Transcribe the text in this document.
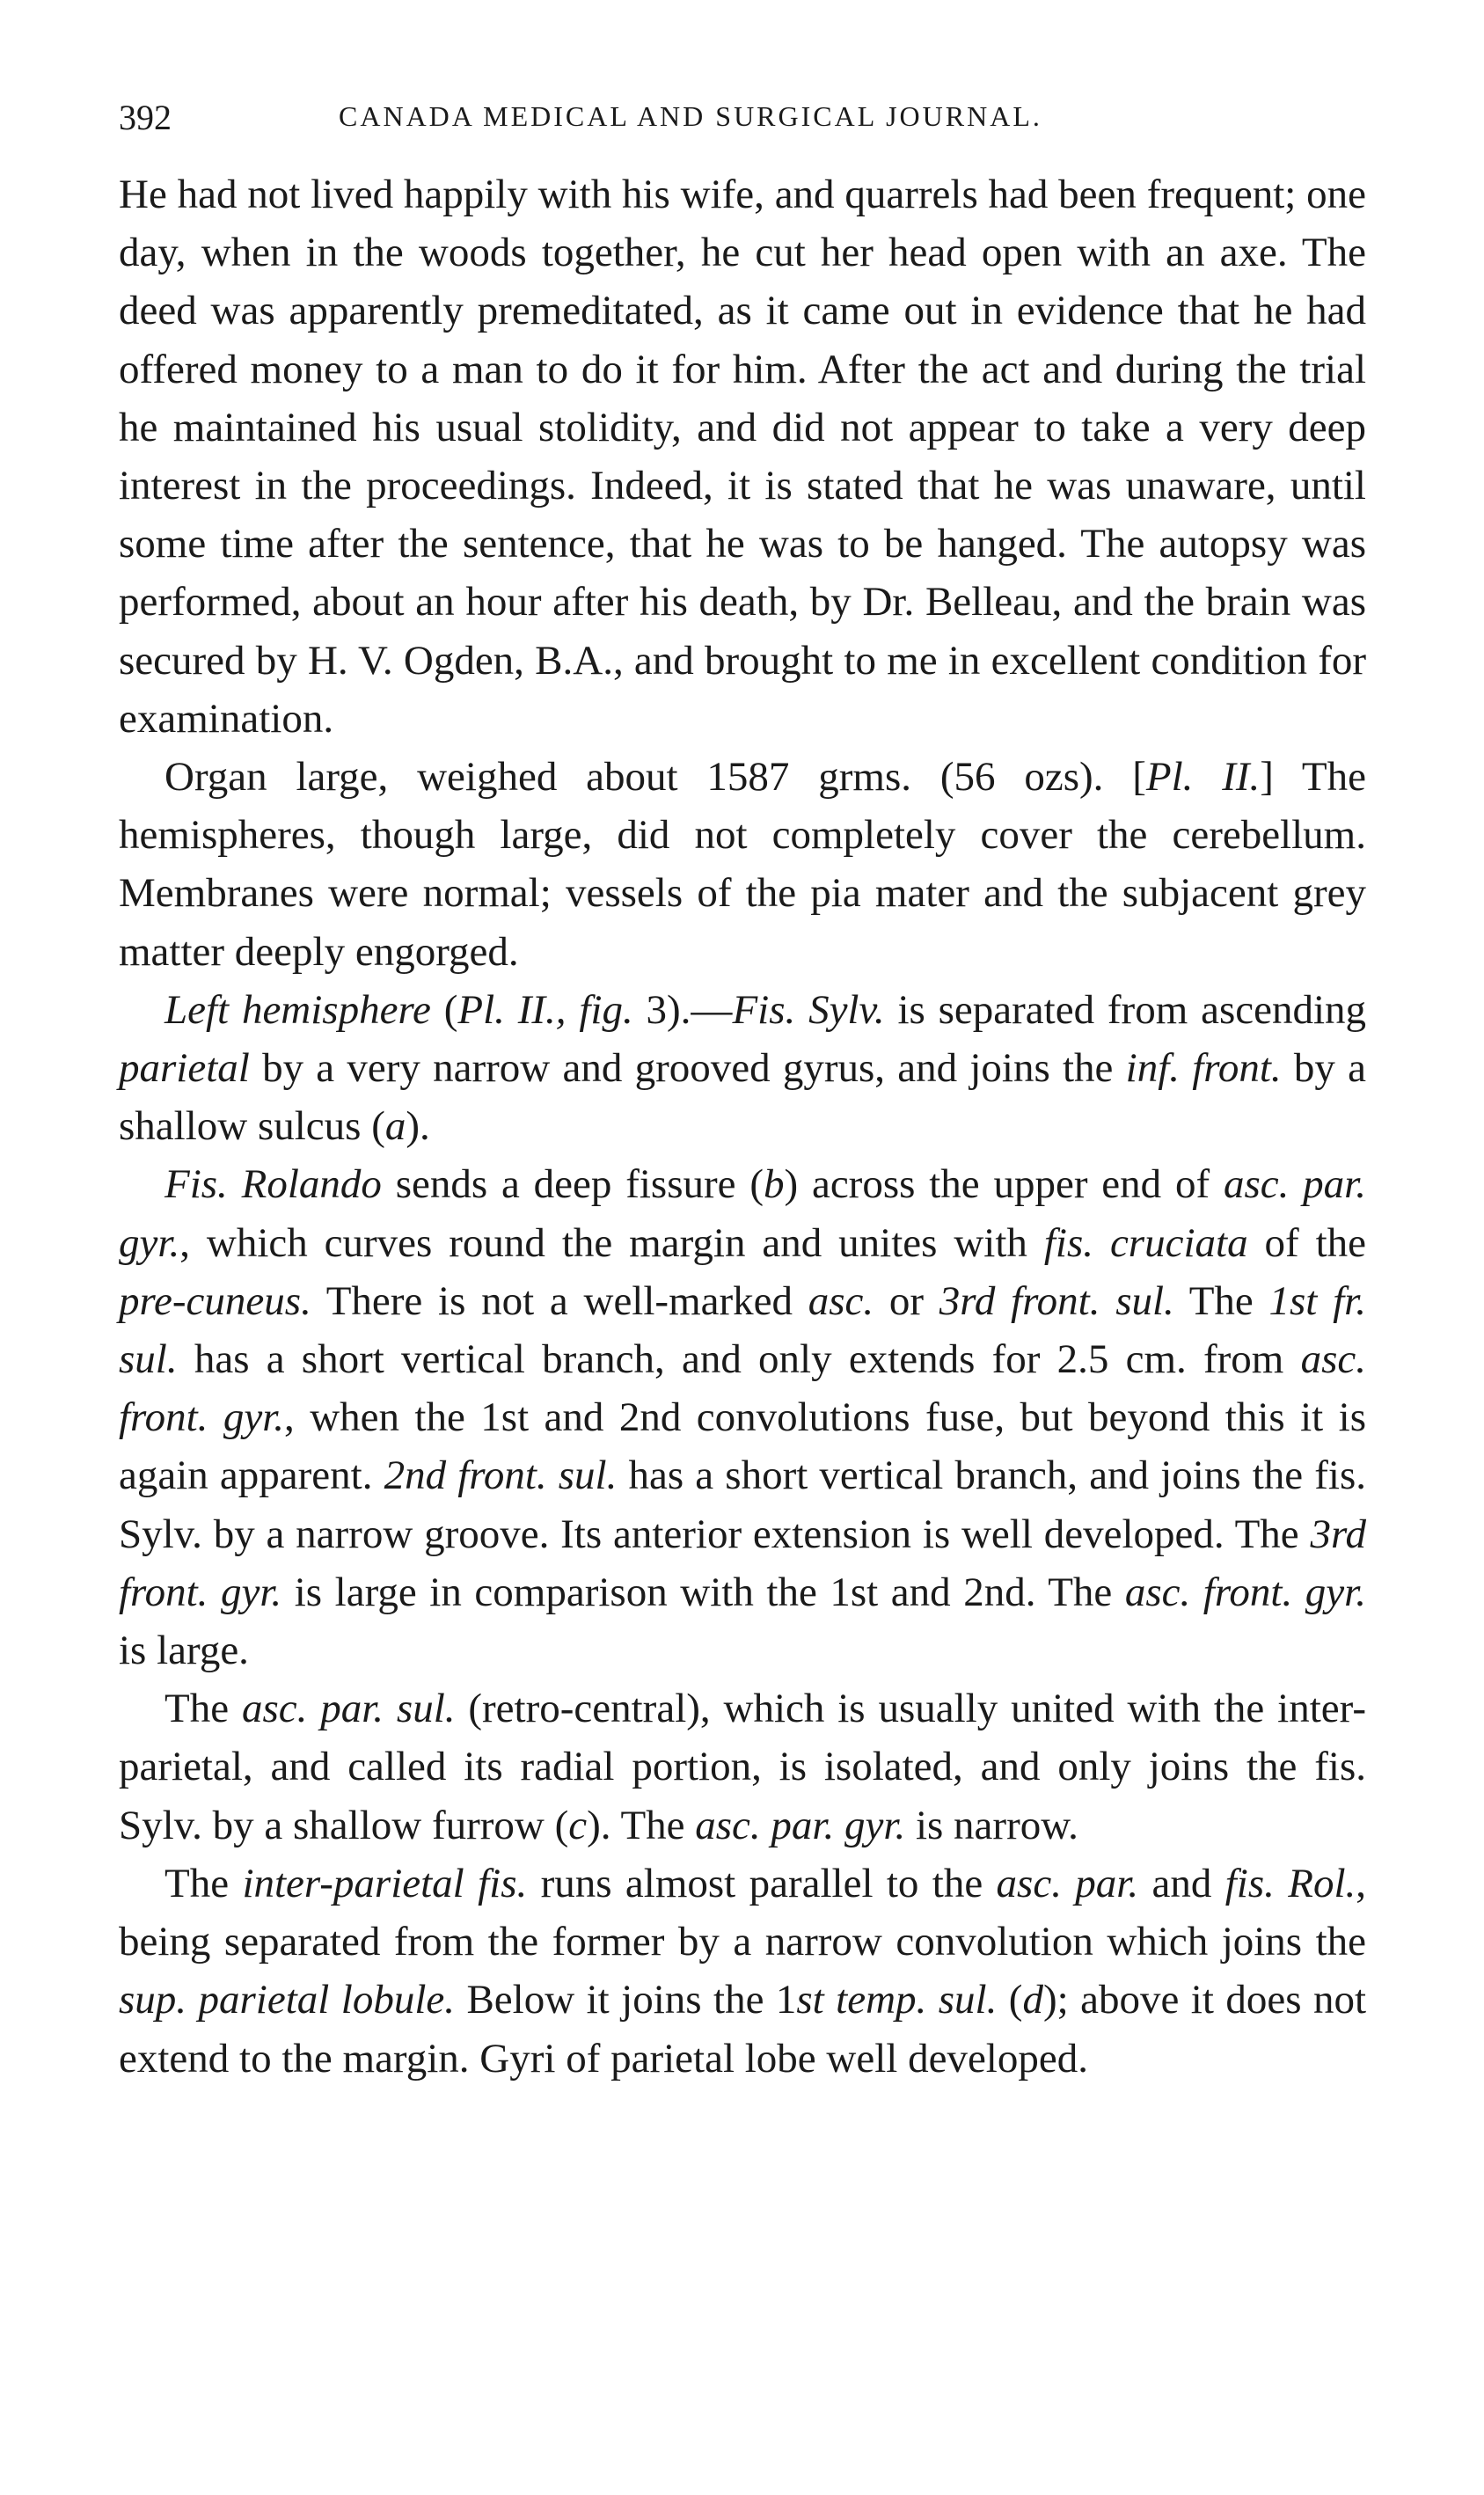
392	CANADA MEDICAL AND SURGICAL JOURNAL.

He had not lived happily with his wife, and quarrels had been frequent; one day, when in the woods together, he cut her head open with an axe. The deed was apparently premeditated, as it came out in evidence that he had offered money to a man to do it for him. After the act and during the trial he maintained his usual stolidity, and did not appear to take a very deep interest in the proceedings. Indeed, it is stated that he was unaware, until some time after the sentence, that he was to be hanged. The autopsy was performed, about an hour after his death, by Dr. Belleau, and the brain was secured by H. V. Ogden, B.A., and brought to me in excellent condition for examination.

Organ large, weighed about 1587 grms. (56 ozs). [Pl. II.] The hemispheres, though large, did not completely cover the cerebellum. Membranes were normal; vessels of the pia mater and the subjacent grey matter deeply engorged.

Left hemisphere (Pl. II., fig. 3).—Fis. Sylv. is separated from ascending parietal by a very narrow and grooved gyrus, and joins the inf. front. by a shallow sulcus (a).

Fis. Rolando sends a deep fissure (b) across the upper end of asc. par. gyr., which curves round the margin and unites with fis. cruciata of the pre-cuneus. There is not a well-marked asc. or 3rd front. sul. The 1st fr. sul. has a short vertical branch, and only extends for 2.5 cm. from asc. front. gyr., when the 1st and 2nd convolutions fuse, but beyond this it is again apparent. 2nd front. sul. has a short vertical branch, and joins the fis. Sylv. by a narrow groove. Its anterior extension is well developed. The 3rd front. gyr. is large in comparison with the 1st and 2nd. The asc. front. gyr. is large.

The asc. par. sul. (retro-central), which is usually united with the inter-parietal, and called its radial portion, is isolated, and only joins the fis. Sylv. by a shallow furrow (c). The asc. par. gyr. is narrow.

The inter-parietal fis. runs almost parallel to the asc. par. and fis. Rol., being separated from the former by a narrow convolution which joins the sup. parietal lobule. Below it joins the 1st temp. sul. (d); above it does not extend to the margin. Gyri of parietal lobe well developed.
